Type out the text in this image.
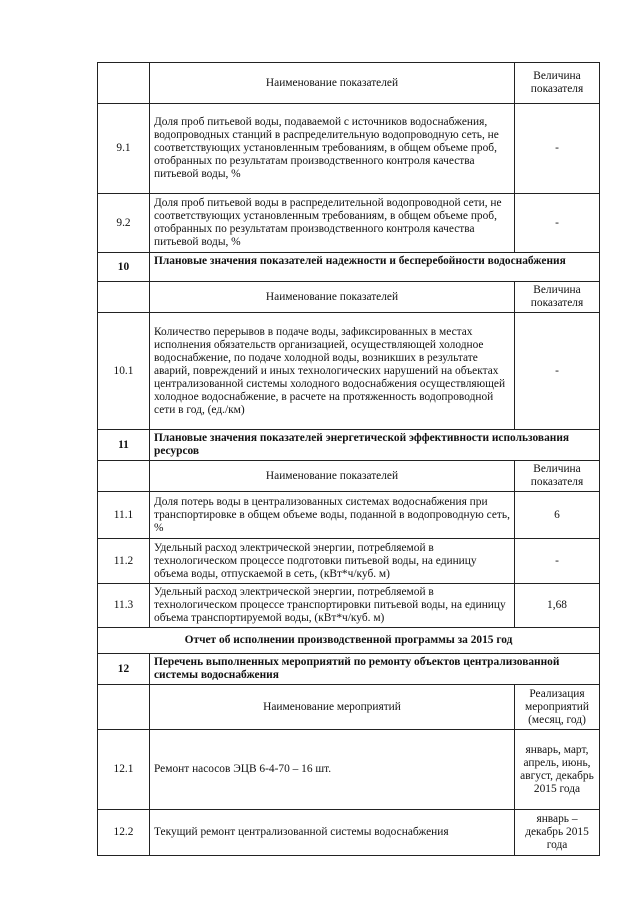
	Наименование показателей	Величина показателя
9.1	Доля проб питьевой воды, подаваемой с источников водоснабжения, водопроводных станций в распределительную водопроводную сеть, не соответствующих установленным требованиям, в общем объеме проб, отобранных по результатам производственного контроля качества питьевой воды, %	-
9.2	Доля проб питьевой воды в распределительной водопроводной сети, не соответствующих установленным требованиям, в общем объеме проб, отобранных по результатам производственного контроля качества питьевой воды, %	-
10	Плановые значения показателей надежности и бесперебойности водоснабжения	
	Наименование показателей	Величина показателя
10.1	Количество перерывов в подаче воды, зафиксированных в местах исполнения обязательств организацией, осуществляющей холодное водоснабжение, по подаче холодной воды, возникших в результате аварий, повреждений и иных технологических нарушений на объектах централизованной системы холодного водоснабжения осуществляющей холодное водоснабжение, в расчете на протяженность водопроводной сети в год, (ед./км)	-
11	Плановые значения показателей энергетической эффективности использования ресурсов	
	Наименование показателей	Величина показателя
11.1	Доля потерь воды в централизованных системах водоснабжения при транспортировке в общем объеме воды, поданной в водопроводную сеть, %	6
11.2	Удельный расход электрической энергии, потребляемой в технологическом процессе подготовки питьевой воды, на единицу объема воды, отпускаемой в сеть, (кВт*ч/куб. м)	-
11.3	Удельный расход электрической энергии, потребляемой в технологическом процессе транспортировки питьевой воды, на единицу объема транспортируемой воды, (кВт*ч/куб. м)	1,68
Отчет об исполнении производственной программы за 2015 год		
12	Перечень выполненных мероприятий по ремонту объектов централизованной системы водоснабжения	
	Наименование мероприятий	Реализация мероприятий (месяц, год)
12.1	Ремонт насосов ЭЦВ 6-4-70 – 16 шт.	январь, март, апрель, июнь, август, декабрь 2015 года
12.2	Текущий ремонт централизованной системы водоснабжения	январь – декабрь 2015 года
